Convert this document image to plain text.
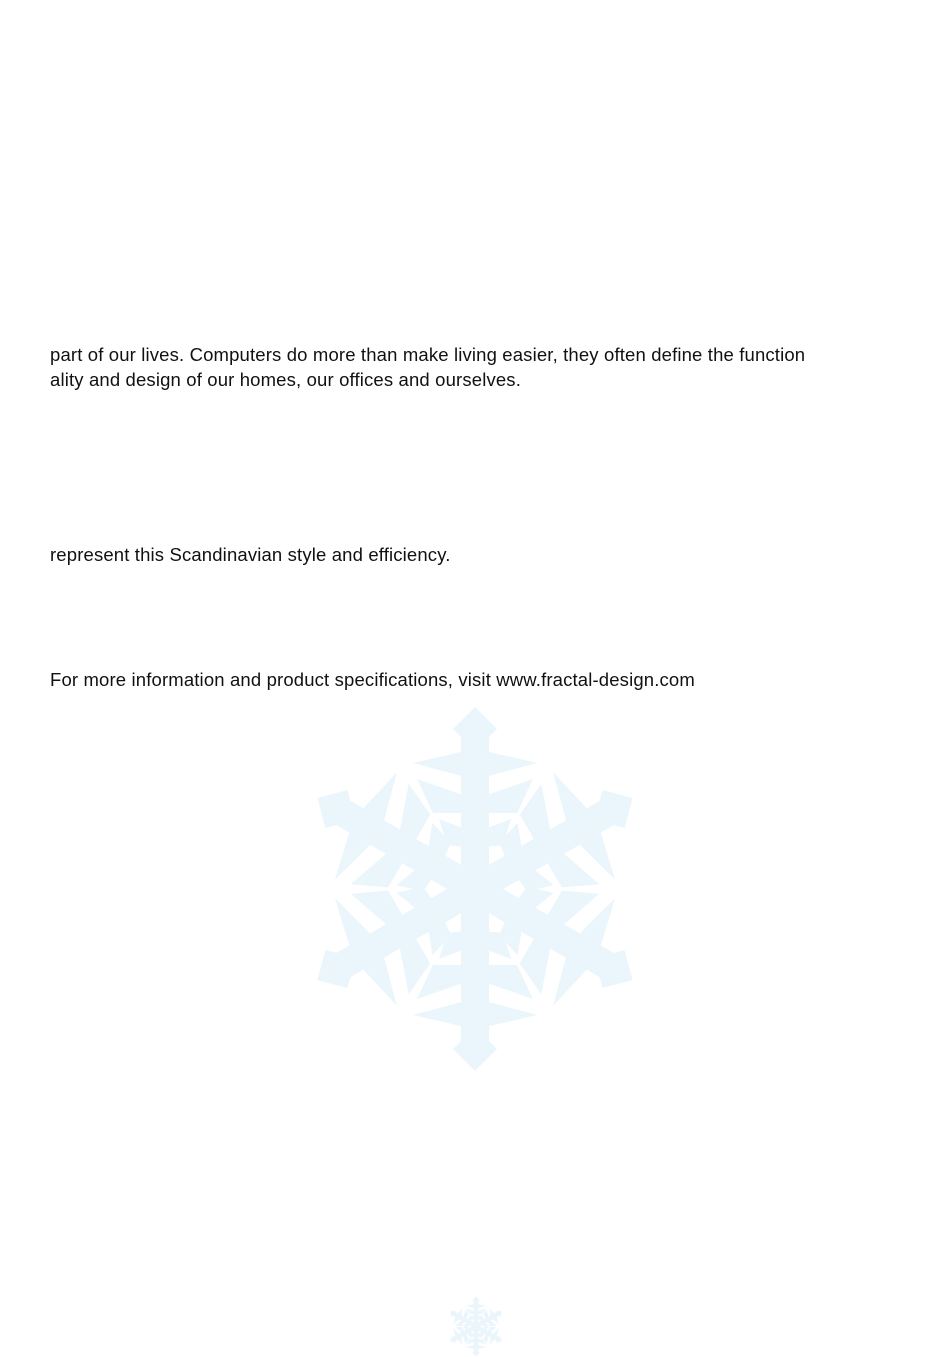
part of our lives. Computers do more than make living easier, they often define the function
ality and design of our homes, our offices and ourselves.

represent this Scandinavian style and efficiency.

For more information and product specifications, visit www.fractal-design.com
